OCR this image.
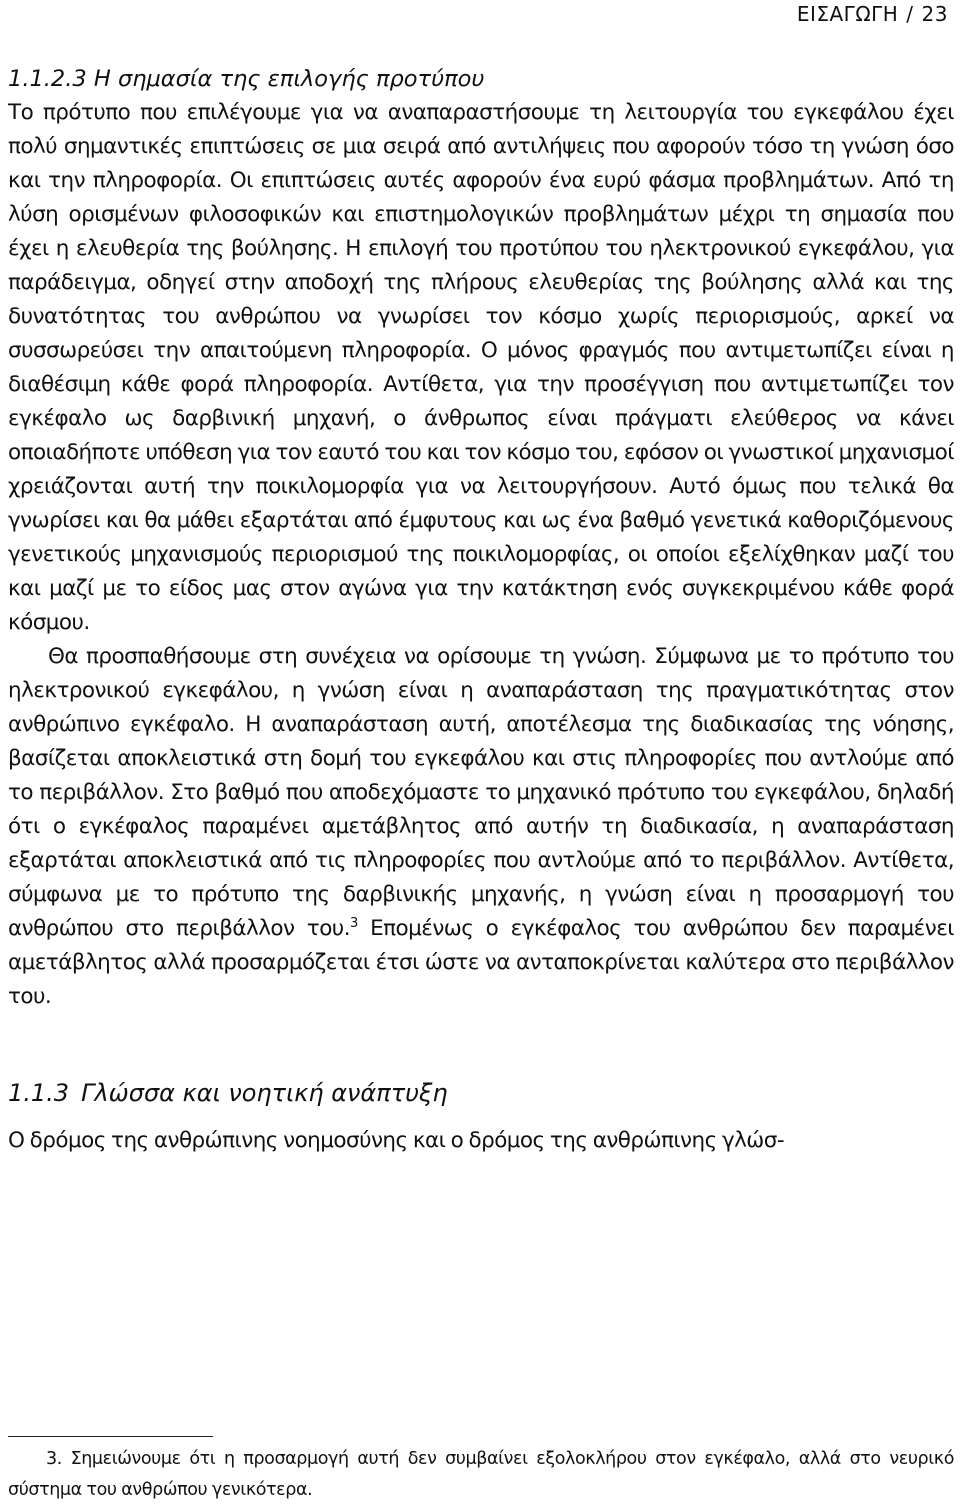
ΕΙΣΑΓΩΓΗ / 23

1.1.2.3 Η σημασία της επιλογής προτύπου

Το πρότυπο που επιλέγουμε για να αναπαραστήσουμε τη λειτουργία του εγκεφάλου έχει πολύ σημαντικές επιπτώσεις σε μια σειρά από αντιλήψεις που αφορούν τόσο τη γνώση όσο και την πληροφορία. Οι επιπτώσεις αυτές αφορούν ένα ευρύ φάσμα προβλημάτων. Από τη λύση ορισμένων φιλοσοφικών και επιστημολογικών προβλημάτων μέχρι τη σημασία που έχει η ελευθερία της βούλησης. Η επιλογή του προτύπου του ηλεκτρονικού εγκεφάλου, για παράδειγμα, οδηγεί στην αποδοχή της πλήρους ελευθερίας της βούλησης αλλά και της δυνατότητας του ανθρώπου να γνωρίσει τον κόσμο χωρίς περιορισμούς, αρκεί να συσσωρεύσει την απαιτούμενη πληροφορία. Ο μόνος φραγμός που αντιμετωπίζει είναι η διαθέσιμη κάθε φορά πληροφορία. Αντίθετα, για την προσέγγιση που αντιμετωπίζει τον εγκέφαλο ως δαρβινική μηχανή, ο άνθρωπος είναι πράγματι ελεύθερος να κάνει οποιαδήποτε υπόθεση για τον εαυτό του και τον κόσμο του, εφόσον οι γνωστικοί μηχανισμοί χρειάζονται αυτή την ποικιλομορφία για να λειτουργήσουν. Αυτό όμως που τελικά θα γνωρίσει και θα μάθει εξαρτάται από έμφυτους και ως ένα βαθμό γενετικά καθοριζόμενους γενετικούς μηχανισμούς περιορισμού της ποικιλομορφίας, οι οποίοι εξελίχθηκαν μαζί του και μαζί με το είδος μας στον αγώνα για την κατάκτηση ενός συγκεκριμένου κάθε φορά κόσμου.

Θα προσπαθήσουμε στη συνέχεια να ορίσουμε τη γνώση. Σύμφωνα με το πρότυπο του ηλεκτρονικού εγκεφάλου, η γνώση είναι η αναπαράσταση της πραγματικότητας στον ανθρώπινο εγκέφαλο. Η αναπαράσταση αυτή, αποτέλεσμα της διαδικασίας της νόησης, βασίζεται αποκλειστικά στη δομή του εγκεφάλου και στις πληροφορίες που αντλούμε από το περιβάλλον. Στο βαθμό που αποδεχόμαστε το μηχανικό πρότυπο του εγκεφάλου, δηλαδή ότι ο εγκέφαλος παραμένει αμετάβλητος από αυτήν τη διαδικασία, η αναπαράσταση εξαρτάται αποκλειστικά από τις πληροφορίες που αντλούμε από το περιβάλλον. Αντίθετα, σύμφωνα με το πρότυπο της δαρβινικής μηχανής, η γνώση είναι η προσαρμογή του ανθρώπου στο περιβάλλον του.$^3$ Επομένως ο εγκέφαλος του ανθρώπου δεν παραμένει αμετάβλητος αλλά προσαρμόζεται έτσι ώστε να ανταποκρίνεται καλύτερα στο περιβάλλον του.

1.1.3 Γλώσσα και νοητική ανάπτυξη

Ο δρόμος της ανθρώπινης νοημοσύνης και ο δρόμος της ανθρώπινης γλώσ-

3. Σημειώνουμε ότι η προσαρμογή αυτή δεν συμβαίνει εξολοκλήρου στον εγκέφαλο, αλλά στο νευρικό σύστημα του ανθρώπου γενικότερα.
